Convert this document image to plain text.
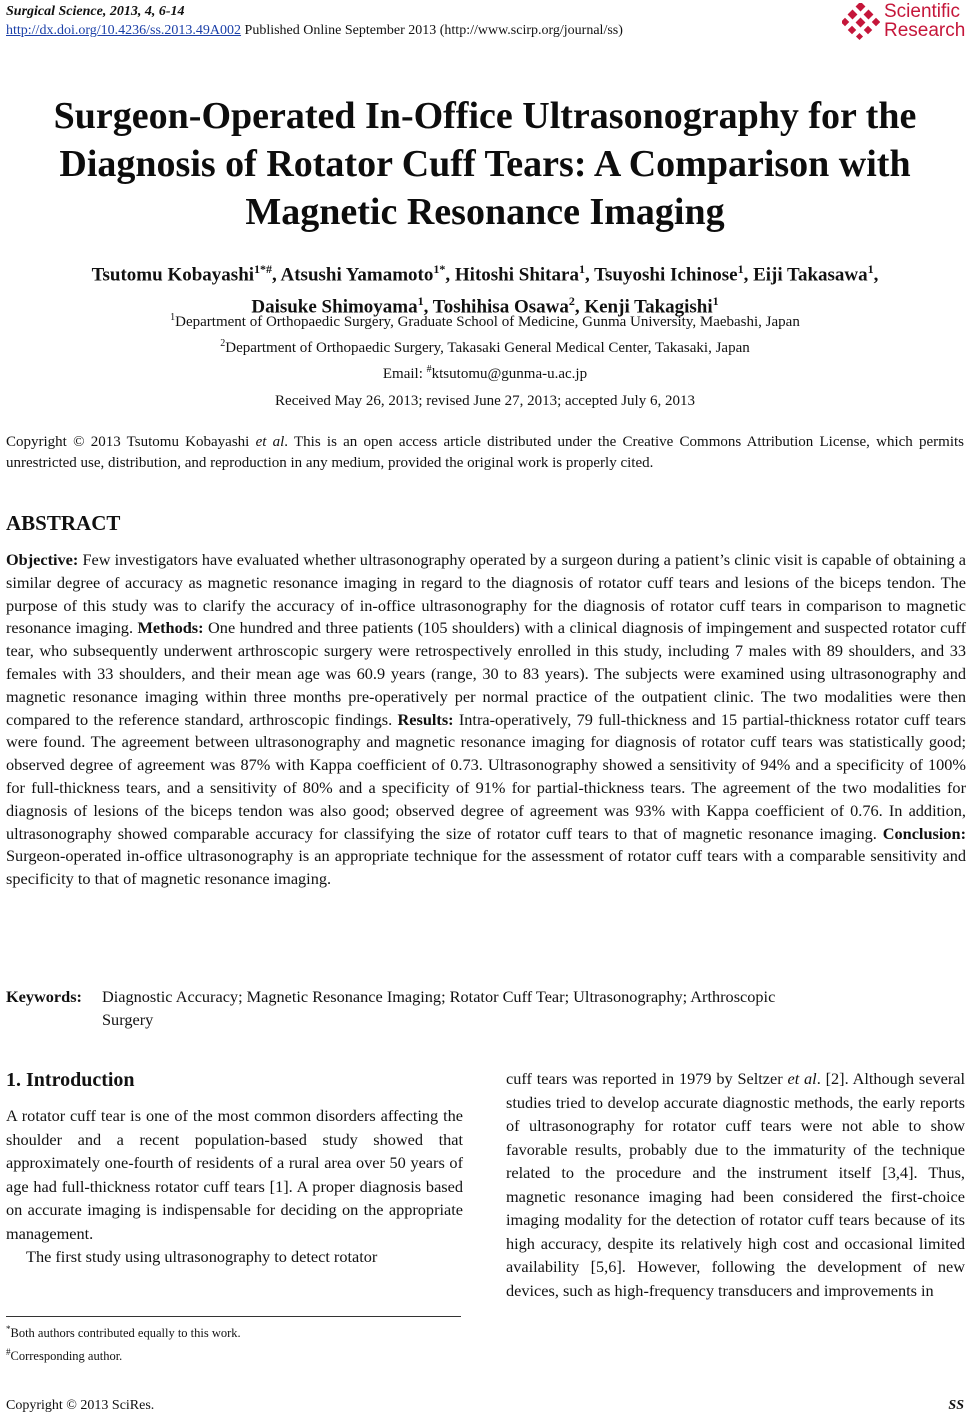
Surgical Science, 2013, 4, 6-14
http://dx.doi.org/10.4236/ss.2013.49A002 Published Online September 2013 (http://www.scirp.org/journal/ss)
Scientific
Research
Surgeon-Operated In-Office Ultrasonography for the
Diagnosis of Rotator Cuff Tears: A Comparison with
Magnetic Resonance Imaging
Tsutomu Kobayashi$^{1*\#}$, Atsushi Yamamoto$^{1*}$, Hitoshi Shitara$^1$, Tsuyoshi Ichinose$^1$, Eiji Takasawa$^1$,
Daisuke Shimoyama$^1$, Toshihisa Osawa$^2$, Kenji Takagishi$^1$
$^1$Department of Orthopaedic Surgery, Graduate School of Medicine, Gunma University, Maebashi, Japan
$^2$Department of Orthopaedic Surgery, Takasaki General Medical Center, Takasaki, Japan
Email: #ktsutomu@gunma-u.ac.jp
Received May 26, 2013; revised June 27, 2013; accepted July 6, 2013
Copyright © 2013 Tsutomu Kobayashi et al. This is an open access article distributed under the Creative Commons Attribution License, which permits unrestricted use, distribution, and reproduction in any medium, provided the original work is properly cited.
ABSTRACT
Objective: Few investigators have evaluated whether ultrasonography operated by a surgeon during a patient’s clinic visit is capable of obtaining a similar degree of accuracy as magnetic resonance imaging in regard to the diagnosis of rotator cuff tears and lesions of the biceps tendon. The purpose of this study was to clarify the accuracy of in-office ultrasonography for the diagnosis of rotator cuff tears in comparison to magnetic resonance imaging. Methods: One hundred and three patients (105 shoulders) with a clinical diagnosis of impingement and suspected rotator cuff tear, who subsequently underwent arthroscopic surgery were retrospectively enrolled in this study, including 7 males with 89 shoulders, and 33 females with 33 shoulders, and their mean age was 60.9 years (range, 30 to 83 years). The subjects were examined using ultrasonography and magnetic resonance imaging within three months pre-operatively per normal practice of the outpatient clinic. The two modalities were then compared to the reference standard, arthroscopic findings. Results: Intra-operatively, 79 full-thickness and 15 partial-thickness rotator cuff tears were found. The agreement between ultrasonography and magnetic resonance imaging for diagnosis of rotator cuff tears was statistically good; observed degree of agreement was 87% with Kappa coefficient of 0.73. Ultrasonography showed a sensitivity of 94% and a specificity of 100% for full-thickness tears, and a sensitivity of 80% and a specificity of 91% for partial-thickness tears. The agreement of the two modalities for diagnosis of lesions of the biceps tendon was also good; observed degree of agreement was 93% with Kappa coefficient of 0.76. In addition, ultrasonography showed comparable accuracy for classifying the size of rotator cuff tears to that of magnetic resonance imaging. Conclusion: Surgeon-operated in-office ultrasonography is an appropriate technique for the assessment of rotator cuff tears with a comparable sensitivity and specificity to that of magnetic resonance imaging.
Keywords: Diagnostic Accuracy; Magnetic Resonance Imaging; Rotator Cuff Tear; Ultrasonography; Arthroscopic
Surgery
1. Introduction

A rotator cuff tear is one of the most common disorders affecting the shoulder and a recent population-based study showed that approximately one-fourth of residents of a rural area over 50 years of age had full-thickness rotator cuff tears [1]. A proper diagnosis based on accurate imaging is indispensable for deciding on the appropriate management.

The first study using ultrasonography to detect rotator

cuff tears was reported in 1979 by Seltzer et al. [2]. Although several studies tried to develop accurate diagnostic methods, the early reports of ultrasonography for rotator cuff tears were not able to show favorable results, probably due to the immaturity of the technique related to the procedure and the instrument itself [3,4]. Thus, magnetic resonance imaging had been considered the first-choice imaging modality for the detection of rotator cuff tears because of its high accuracy, despite its relatively high cost and occasional limited availability [5,6]. However, following the development of new devices, such as high-frequency transducers and improvements in
*Both authors contributed equally to this work.
#Corresponding author.
Copyright © 2013 SciRes.	SS
